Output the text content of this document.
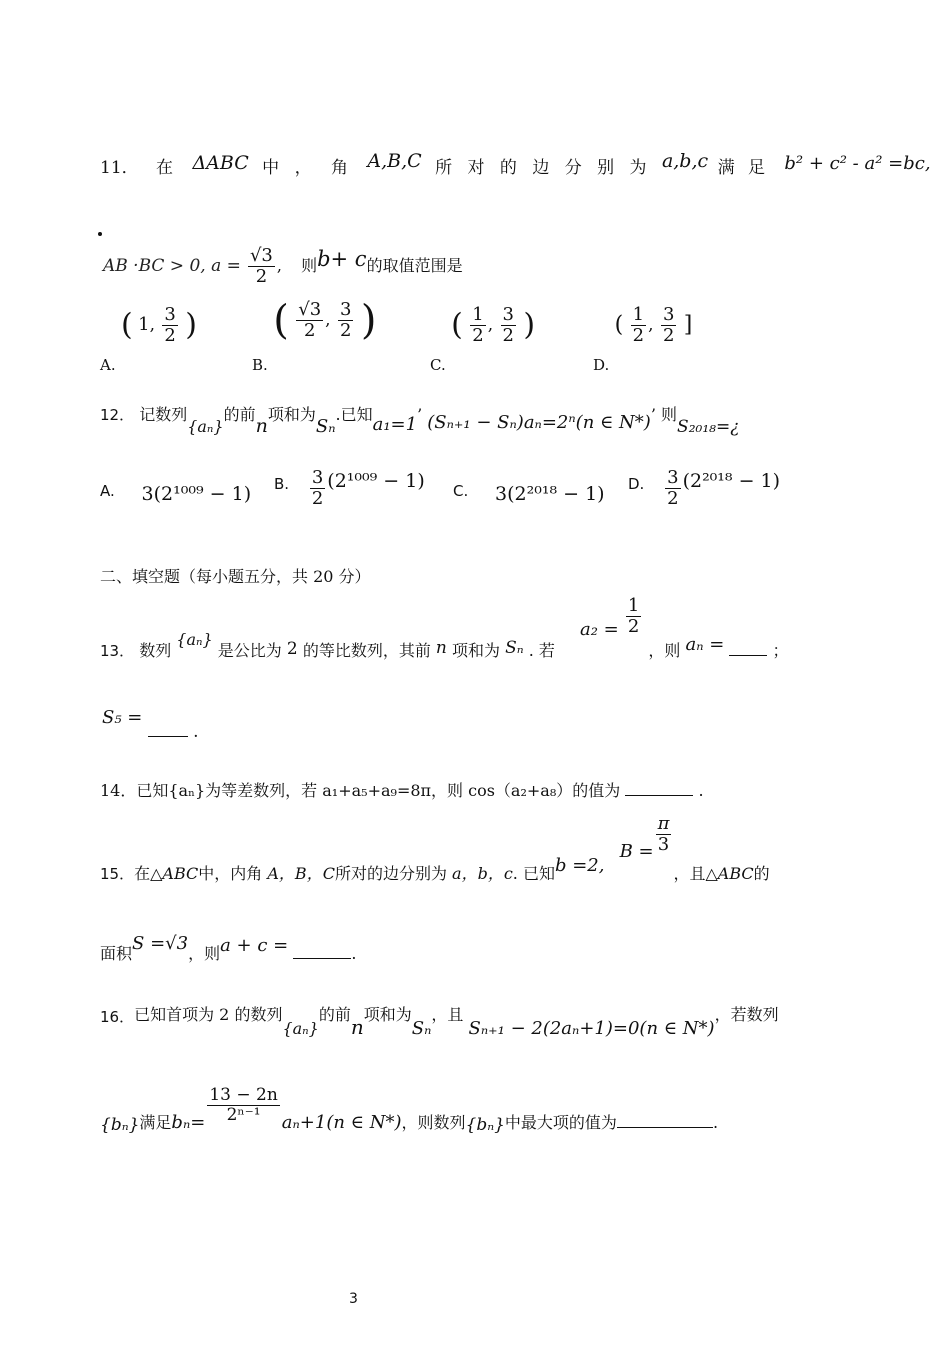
11． 在 ΔABC 中 ， 角 A,B,C 所 对 的 边 分 别 为 a,b,c 满 足 b² + c² - a² =bc,
AB ·BC > 0, $a = \frac{√3}{2}$ , 则b+ c的取值范围是
A. ( 1, $\frac{3}{2}$ )
B. ( $\frac{√3}{2}$ , $\frac{3}{2}$ )
C. ( $\frac{1}{2}$ , $\frac{3}{2}$ )
D. ( $\frac{1}{2}$ , $\frac{3}{2}$ ]
12． 记数列{aₙ}的前n项和为Sₙ.已知a₁=1’ (Sₙ₊₁ − Sₙ)aₙ=2ⁿ(n ∈ N*)’ 则S₂₀₁₈=¿
A. 3(2¹⁰⁰⁹ − 1) B. $\frac{3}{2} (2^{1009} - 1)$ C. 3(2²⁰¹⁸ − 1) D. $\frac{3}{2} (2^{2018} - 1)$
二、填空题（每小题五分，共 20 分）
13． 数列 {aₙ} 是公比为 2 的等比数列，其前 n 项和为 Sₙ . 若 $a_2 = \frac{1}{2}$
，则 aₙ =	；
S₅ =  .
14．已知{aₙ}为等差数列，若 a₁+a₅+a₉=8π，则 cos（a₂+a₈）的值为	.
15．在△ABC中，内角 A，B，C所对的边分别为 a，b，c. 已知b =2, $B = \frac{\pi}{3}$
，且△ABC的
面积S =√3，则a + c =	.
16．已知首项为 2 的数列{aₙ}的前n项和为Sₙ，且 Sₙ₊₁ − 2(2aₙ+1)=0(n ∈ N*)，若数列
{bₙ}满足$b_n= \frac{13 - 2n}{\text{2ⁿ⁻¹}} a_n+1(n$ ∈ N*)，则数列{bₙ}中最大项的值为	.
3
